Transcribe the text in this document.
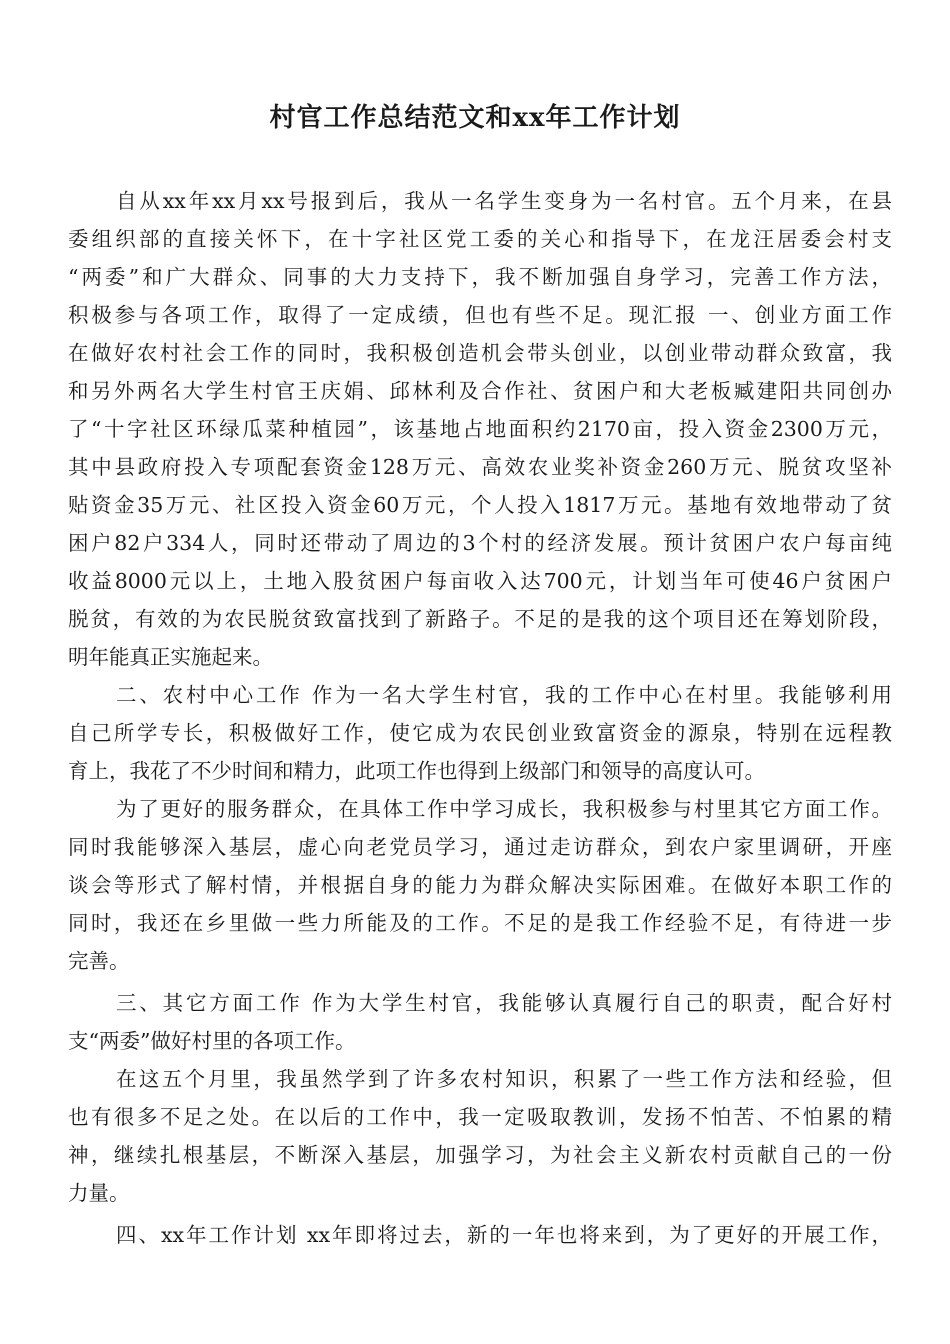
村官工作总结范文和xx年工作计划

自从xx年xx月xx号报到后，我从一名学生变身为一名村官。五个月来，在县

委组织部的直接关怀下，在十字社区党工委的关心和指导下，在龙汪居委会村支

“两委”和广大群众、同事的大力支持下，我不断加强自身学习，完善工作方法，

积极参与各项工作，取得了一定成绩，但也有些不足。现汇报 一、创业方面工作

在做好农村社会工作的同时，我积极创造机会带头创业，以创业带动群众致富，我

和另外两名大学生村官王庆娟、邱林利及合作社、贫困户和大老板臧建阳共同创办

了“十字社区环绿瓜菜种植园”，该基地占地面积约2170亩，投入资金2300万元，

其中县政府投入专项配套资金128万元、高效农业奖补资金260万元、脱贫攻坚补

贴资金35万元、社区投入资金60万元，个人投入1817万元。基地有效地带动了贫

困户82户334人，同时还带动了周边的3个村的经济发展。预计贫困户农户每亩纯

收益8000元以上，土地入股贫困户每亩收入达700元，计划当年可使46户贫困户

脱贫，有效的为农民脱贫致富找到了新路子。不足的是我的这个项目还在筹划阶段，

明年能真正实施起来。

二、农村中心工作 作为一名大学生村官，我的工作中心在村里。我能够利用

自己所学专长，积极做好工作，使它成为农民创业致富资金的源泉，特别在远程教

育上，我花了不少时间和精力，此项工作也得到上级部门和领导的高度认可。

为了更好的服务群众，在具体工作中学习成长，我积极参与村里其它方面工作。

同时我能够深入基层，虚心向老党员学习，通过走访群众，到农户家里调研，开座

谈会等形式了解村情，并根据自身的能力为群众解决实际困难。在做好本职工作的

同时，我还在乡里做一些力所能及的工作。不足的是我工作经验不足，有待进一步

完善。

三、其它方面工作 作为大学生村官，我能够认真履行自己的职责，配合好村

支“两委”做好村里的各项工作。

在这五个月里，我虽然学到了许多农村知识，积累了一些工作方法和经验，但

也有很多不足之处。在以后的工作中，我一定吸取教训，发扬不怕苦、不怕累的精

神，继续扎根基层，不断深入基层，加强学习，为社会主义新农村贡献自己的一份

力量。

四、xx年工作计划 xx年即将过去，新的一年也将来到，为了更好的开展工作，
